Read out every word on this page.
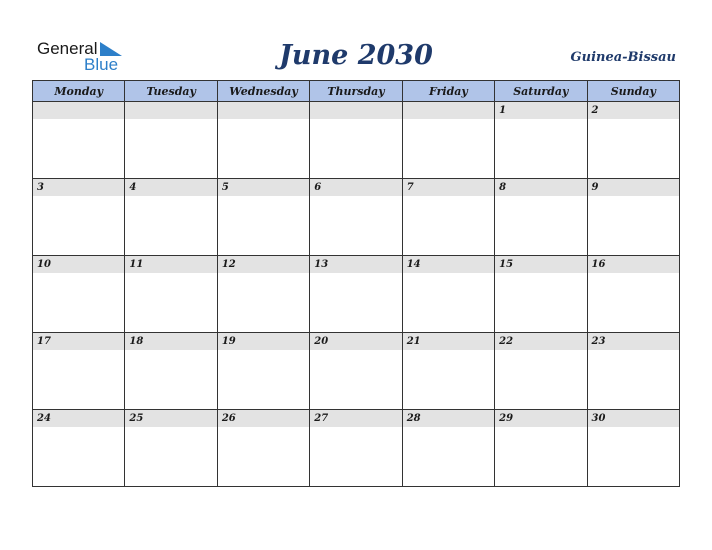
General
Blue	June 2030	Guinea-Bissau
Monday	Tuesday	Wednesday	Thursday	Friday	Saturday	Sunday

					1	2

3	4	5	6	7	8	9

10	11	12	13	14	15	16

17	18	19	20	21	22	23

24	25	26	27	28	29	30
